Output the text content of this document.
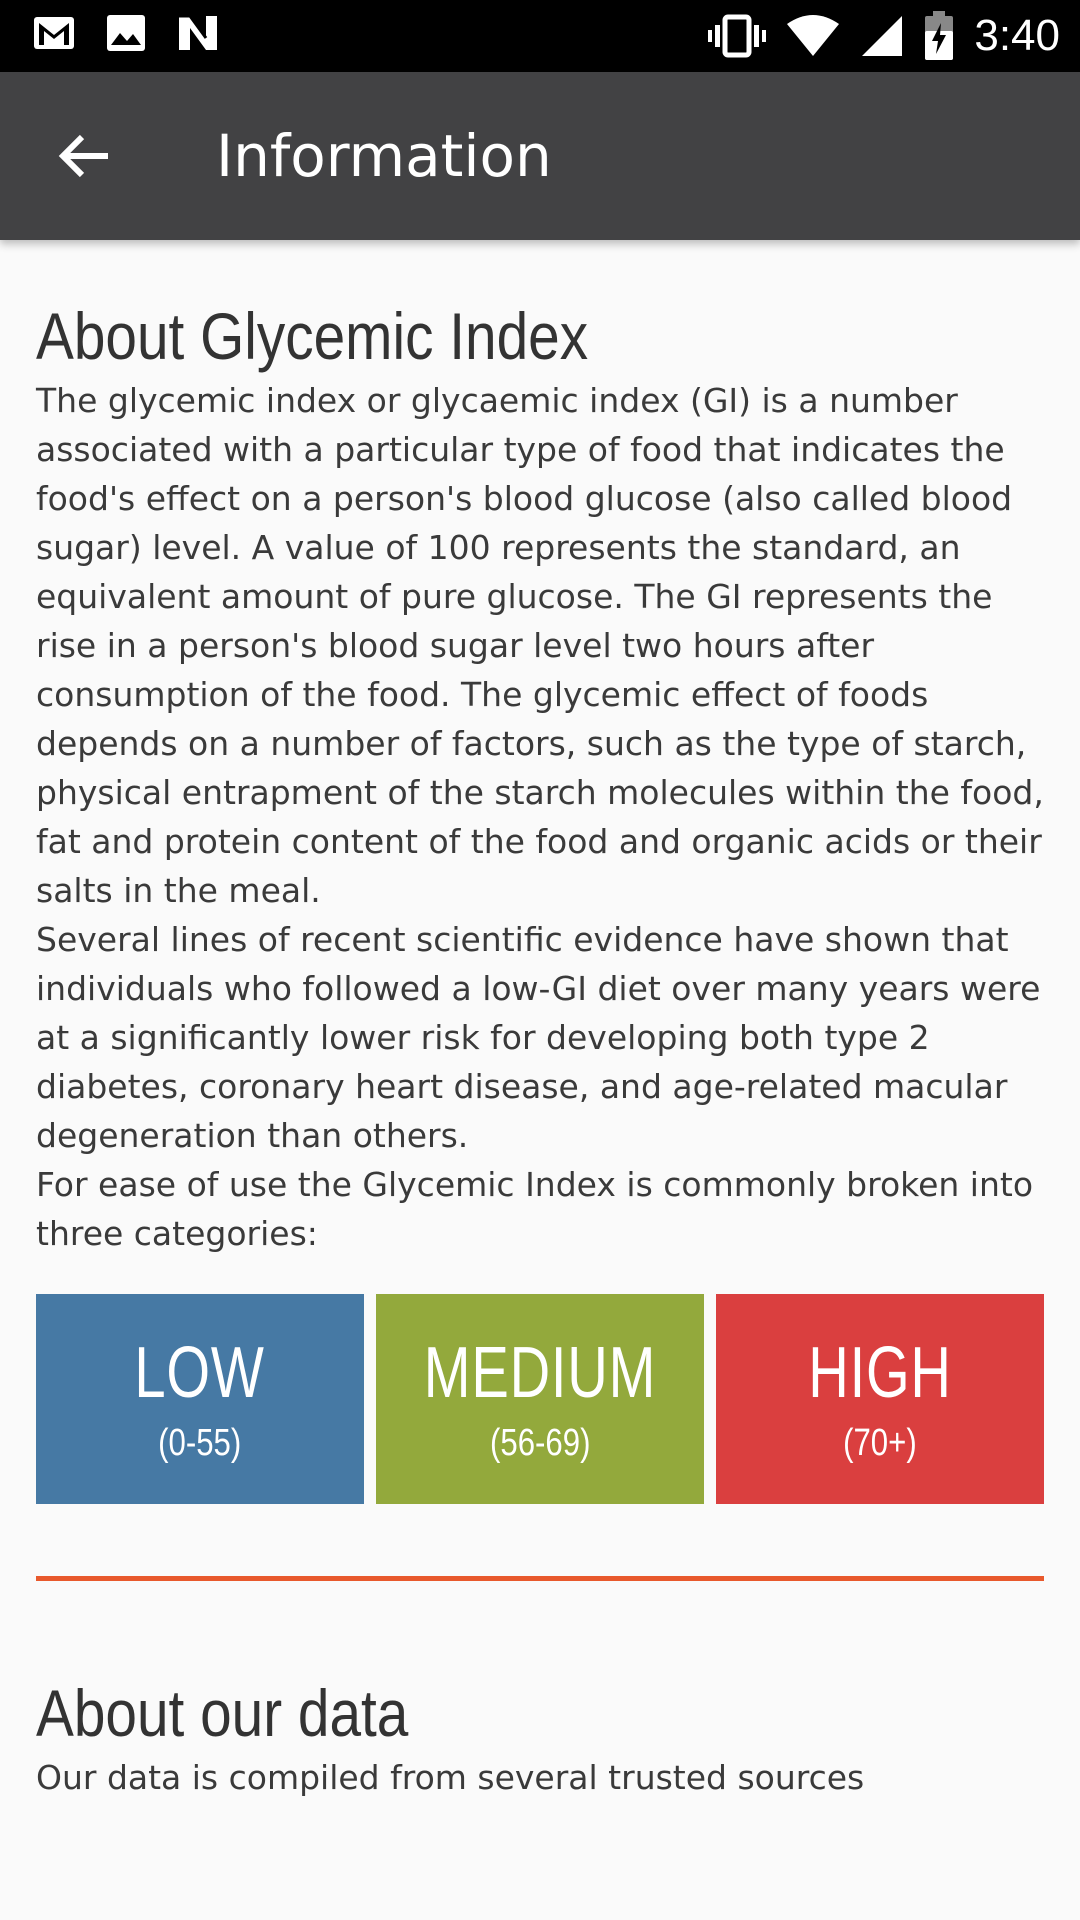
3:40
Information
About Glycemic Index

The glycemic index or glycaemic index (GI) is a number associated with a particular type of food that indicates the food's effect on a person's blood glucose (also called blood sugar) level. A value of 100 represents the standard, an equivalent amount of pure glucose. The GI represents the rise in a person's blood sugar level two hours after consumption of the food. The glycemic effect of foods depends on a number of factors, such as the type of starch, physical entrapment of the starch molecules within the food, fat and protein content of the food and organic acids or their salts in the meal.

Several lines of recent scientific evidence have shown that individuals who followed a low-GI diet over many years were at a significantly lower risk for developing both type 2 diabetes, coronary heart disease, and age-related macular degeneration than others.

For ease of use the Glycemic Index is commonly broken into three categories:

LOW
(0-55)
MEDIUM
(56-69)
HIGH
(70+)
About our data

Our data is compiled from several trusted sources
